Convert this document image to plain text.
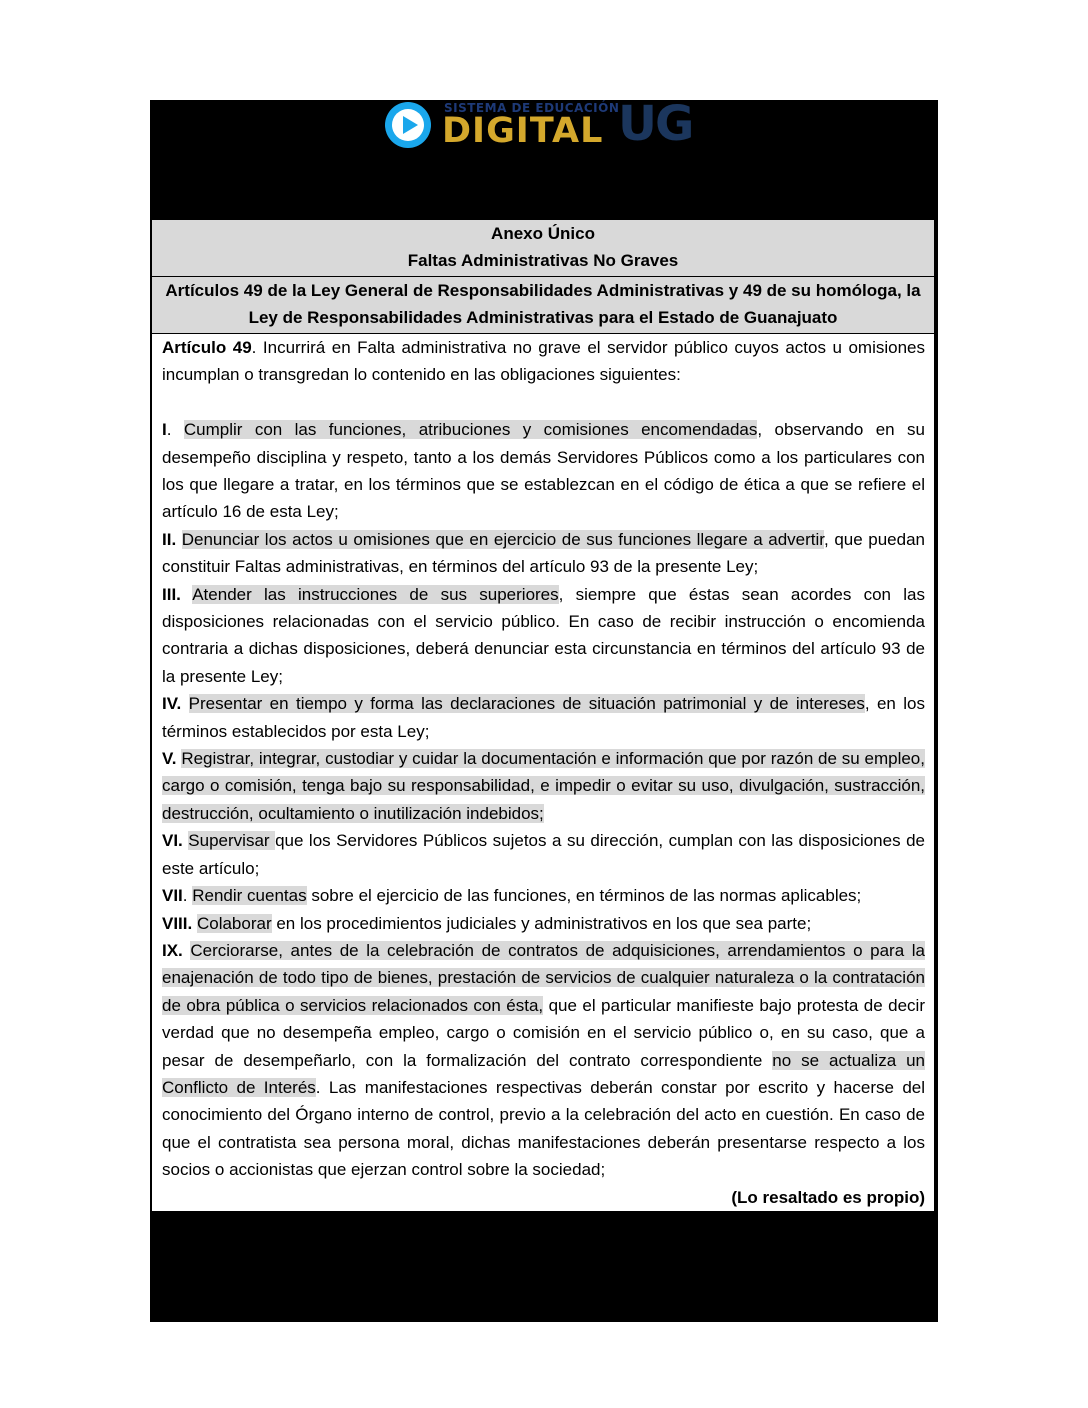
SISTEMA DE EDUCACIÓN
DIGITAL UG
Anexo Único
Faltas Administrativas No Graves
Artículos 49 de la Ley General de Responsabilidades Administrativas y 49 de su homóloga, la Ley de Responsabilidades Administrativas para el Estado de Guanajuato

Artículo 49. Incurrirá en Falta administrativa no grave el servidor público cuyos actos u omisiones incumplan o transgredan lo contenido en las obligaciones siguientes:

I. Cumplir con las funciones, atribuciones y comisiones encomendadas, observando en su desempeño disciplina y respeto, tanto a los demás Servidores Públicos como a los particulares con los que llegare a tratar, en los términos que se establezcan en el código de ética a que se refiere el artículo 16 de esta Ley;

II. Denunciar los actos u omisiones que en ejercicio de sus funciones llegare a advertir, que puedan constituir Faltas administrativas, en términos del artículo 93 de la presente Ley;

III. Atender las instrucciones de sus superiores, siempre que éstas sean acordes con las disposiciones relacionadas con el servicio público. En caso de recibir instrucción o encomienda contraria a dichas disposiciones, deberá denunciar esta circunstancia en términos del artículo 93 de la presente Ley;

IV. Presentar en tiempo y forma las declaraciones de situación patrimonial y de intereses, en los términos establecidos por esta Ley;

V. Registrar, integrar, custodiar y cuidar la documentación e información que por razón de su empleo, cargo o comisión, tenga bajo su responsabilidad, e impedir o evitar su uso, divulgación, sustracción, destrucción, ocultamiento o inutilización indebidos;

VI. Supervisar que los Servidores Públicos sujetos a su dirección, cumplan con las disposiciones de este artículo;

VII. Rendir cuentas sobre el ejercicio de las funciones, en términos de las normas aplicables;

VIII. Colaborar en los procedimientos judiciales y administrativos en los que sea parte;

IX. Cerciorarse, antes de la celebración de contratos de adquisiciones, arrendamientos o para la enajenación de todo tipo de bienes, prestación de servicios de cualquier naturaleza o la contratación de obra pública o servicios relacionados con ésta, que el particular manifieste bajo protesta de decir verdad que no desempeña empleo, cargo o comisión en el servicio público o, en su caso, que a pesar de desempeñarlo, con la formalización del contrato correspondiente no se actualiza un Conflicto de Interés. Las manifestaciones respectivas deberán constar por escrito y hacerse del conocimiento del Órgano interno de control, previo a la celebración del acto en cuestión. En caso de que el contratista sea persona moral, dichas manifestaciones deberán presentarse respecto a los socios o accionistas que ejerzan control sobre la sociedad;

(Lo resaltado es propio)
